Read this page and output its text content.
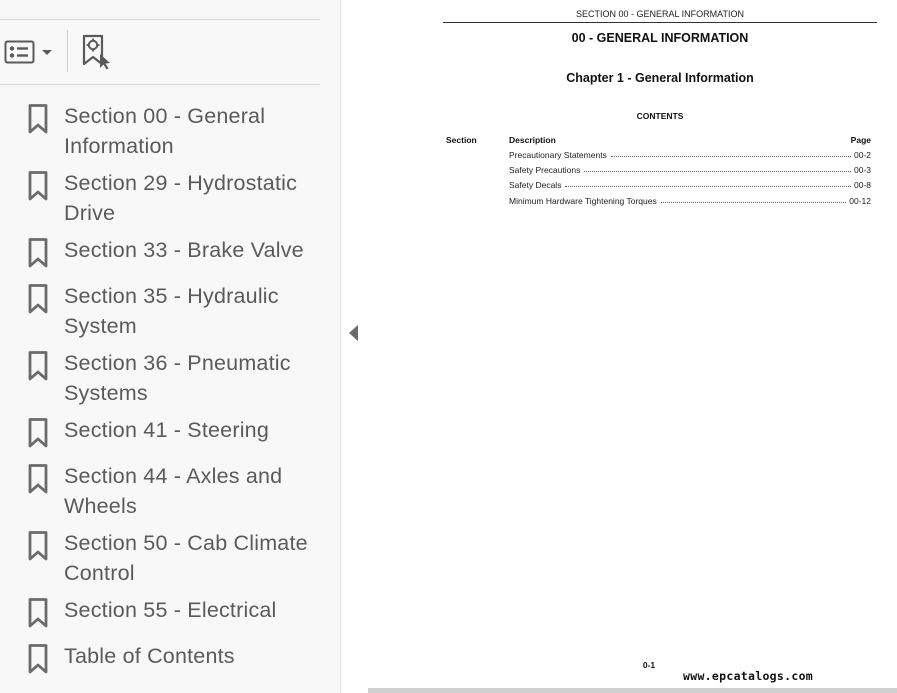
Section 00 - General Information
Section 29 - Hydrostatic Drive
Section 33 - Brake Valve
Section 35 - Hydraulic System
Section 36 - Pneumatic Systems
Section 41 - Steering
Section 44 - Axles and Wheels
Section 50 - Cab Climate Control
Section 55 - Electrical
Table of Contents
SECTION 00 - GENERAL INFORMATION
00 - GENERAL INFORMATION
Chapter 1 - General Information
CONTENTS
Section	Description	Page
Precautionary Statements	00-2
Safety Precautions	00-3
Safety Decals	00-8
Minimum Hardware Tightening Torques	00-12
0-1
www.epcatalogs.com
